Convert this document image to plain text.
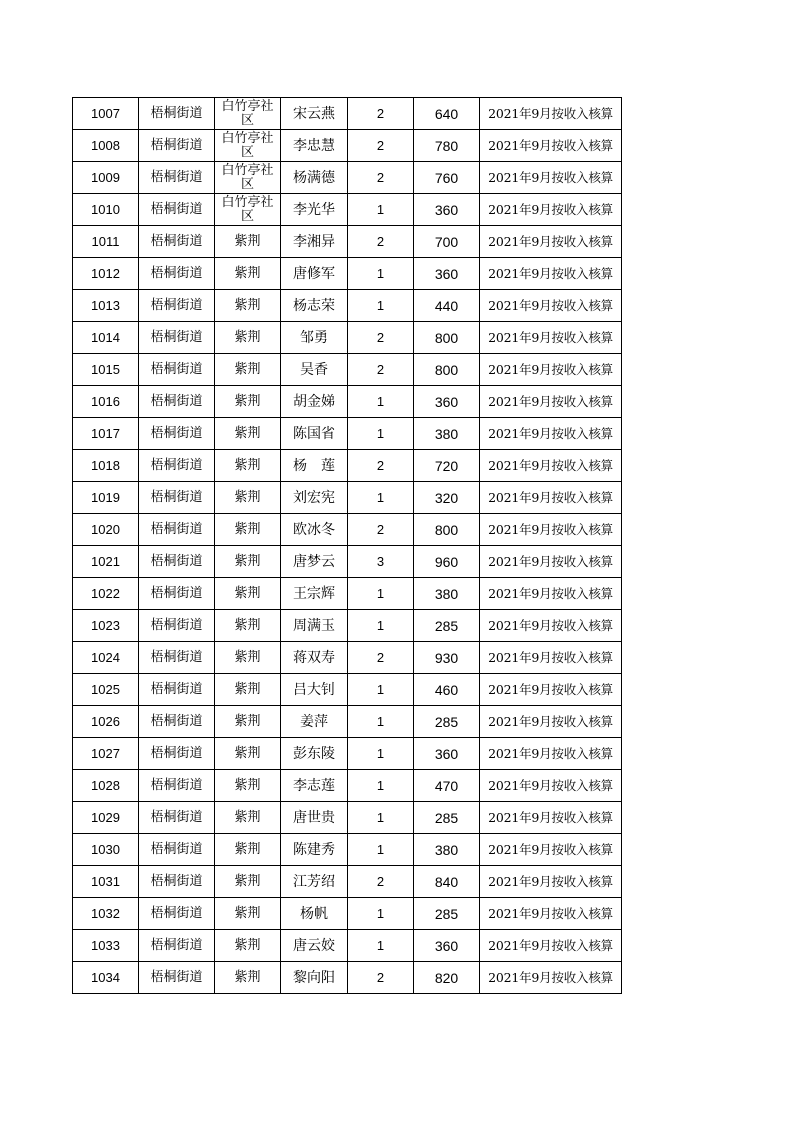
1007	梧桐街道	白竹亭社区	宋云燕	2	640	2021年9月按收入核算
1008	梧桐街道	白竹亭社区	李忠慧	2	780	2021年9月按收入核算
1009	梧桐街道	白竹亭社区	杨满德	2	760	2021年9月按收入核算
1010	梧桐街道	白竹亭社区	李光华	1	360	2021年9月按收入核算
1011	梧桐街道	紫荆	李湘异	2	700	2021年9月按收入核算
1012	梧桐街道	紫荆	唐修军	1	360	2021年9月按收入核算
1013	梧桐街道	紫荆	杨志荣	1	440	2021年9月按收入核算
1014	梧桐街道	紫荆	邹勇	2	800	2021年9月按收入核算
1015	梧桐街道	紫荆	吴香	2	800	2021年9月按收入核算
1016	梧桐街道	紫荆	胡金娣	1	360	2021年9月按收入核算
1017	梧桐街道	紫荆	陈国省	1	380	2021年9月按收入核算
1018	梧桐街道	紫荆	杨　莲	2	720	2021年9月按收入核算
1019	梧桐街道	紫荆	刘宏宪	1	320	2021年9月按收入核算
1020	梧桐街道	紫荆	欧冰冬	2	800	2021年9月按收入核算
1021	梧桐街道	紫荆	唐梦云	3	960	2021年9月按收入核算
1022	梧桐街道	紫荆	王宗辉	1	380	2021年9月按收入核算
1023	梧桐街道	紫荆	周满玉	1	285	2021年9月按收入核算
1024	梧桐街道	紫荆	蒋双寿	2	930	2021年9月按收入核算
1025	梧桐街道	紫荆	吕大钊	1	460	2021年9月按收入核算
1026	梧桐街道	紫荆	姜萍	1	285	2021年9月按收入核算
1027	梧桐街道	紫荆	彭东陵	1	360	2021年9月按收入核算
1028	梧桐街道	紫荆	李志莲	1	470	2021年9月按收入核算
1029	梧桐街道	紫荆	唐世贵	1	285	2021年9月按收入核算
1030	梧桐街道	紫荆	陈建秀	1	380	2021年9月按收入核算
1031	梧桐街道	紫荆	江芳绍	2	840	2021年9月按收入核算
1032	梧桐街道	紫荆	杨帆	1	285	2021年9月按收入核算
1033	梧桐街道	紫荆	唐云姣	1	360	2021年9月按收入核算
1034	梧桐街道	紫荆	黎向阳	2	820	2021年9月按收入核算
